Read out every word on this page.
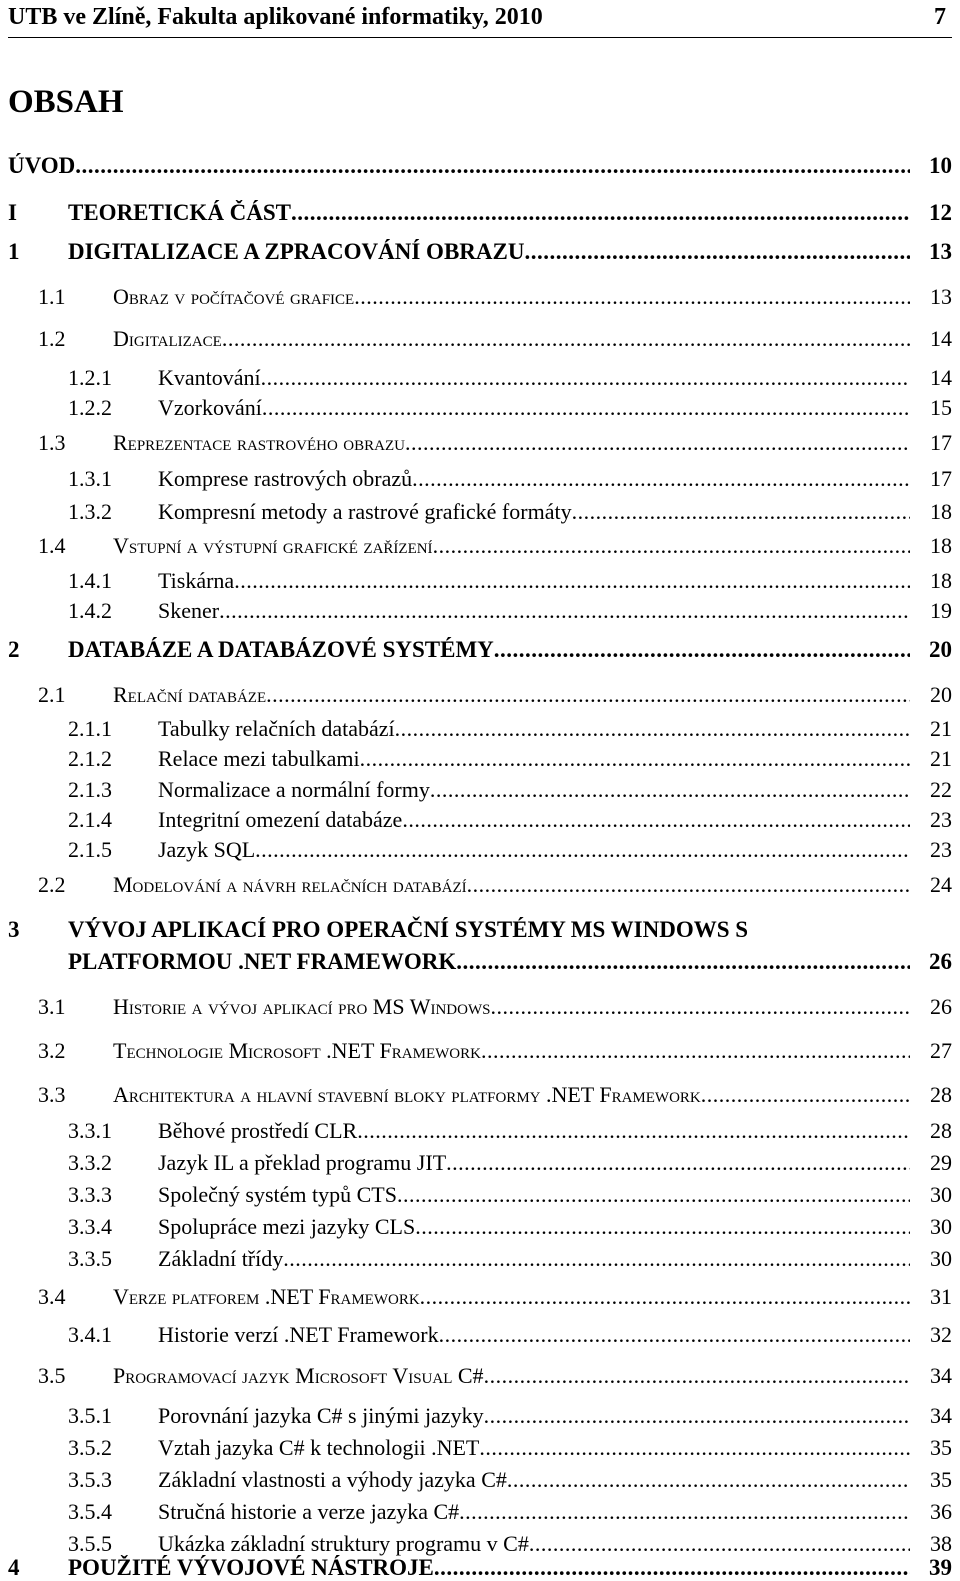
UTB ve Zlíně, Fakulta aplikované informatiky, 2010	7
OBSAH
ÚVOD .....	10
I TEORETICKÁ ČÁST .....	12
1 DIGITALIZACE A ZPRACOVÁNÍ OBRAZU .....	13
1.1 Obraz v počítačové grafice .....	13
1.2 Digitalizace .....	14
1.2.1 Kvantování .....	14
1.2.2 Vzorkování .....	15
1.3 Reprezentace rastrového obrazu .....	17
1.3.1 Komprese rastrových obrazů .....	17
1.3.2 Kompresní metody a rastrové grafické formáty .....	18
1.4 Vstupní a výstupní grafické zařízení .....	18
1.4.1 Tiskárna .....	18
1.4.2 Skener .....	19
2 DATABÁZE A DATABÁZOVÉ SYSTÉMY .....	20
2.1 Relační databáze .....	20
2.1.1 Tabulky relačních databází .....	21
2.1.2 Relace mezi tabulkami .....	21
2.1.3 Normalizace a normální formy .....	22
2.1.4 Integritní omezení databáze .....	23
2.1.5 Jazyk SQL .....	23
2.2 Modelování a návrh relačních databází .....	24
3 VÝVOJ APLIKACÍ PRO OPERAČNÍ SYSTÉMY MS WINDOWS S
PLATFORMOU .NET FRAMEWORK .....	26
3.1 Historie a vývoj aplikací pro MS Windows .....	26
3.2 Technologie Microsoft .NET Framework .....	27
3.3 Architektura a hlavní stavební bloky platformy .NET Framework .....	28
3.3.1 Běhové prostředí CLR .....	28
3.3.2 Jazyk IL a překlad programu JIT .....	29
3.3.3 Společný systém typů CTS .....	30
3.3.4 Spolupráce mezi jazyky CLS .....	30
3.3.5 Základní třídy .....	30
3.4 Verze platforem .NET Framework .....	31
3.4.1 Historie verzí .NET Framework .....	32
3.5 Programovací jazyk Microsoft Visual C# .....	34
3.5.1 Porovnání jazyka C# s jinými jazyky .....	34
3.5.2 Vztah jazyka C# k technologii .NET .....	35
3.5.3 Základní vlastnosti a výhody jazyka C# .....	35
3.5.4 Stručná historie a verze jazyka C# .....	36
3.5.5 Ukázka základní struktury programu v C# .....	38
4 POUŽITÉ VÝVOJOVÉ NÁSTROJE .....	39
